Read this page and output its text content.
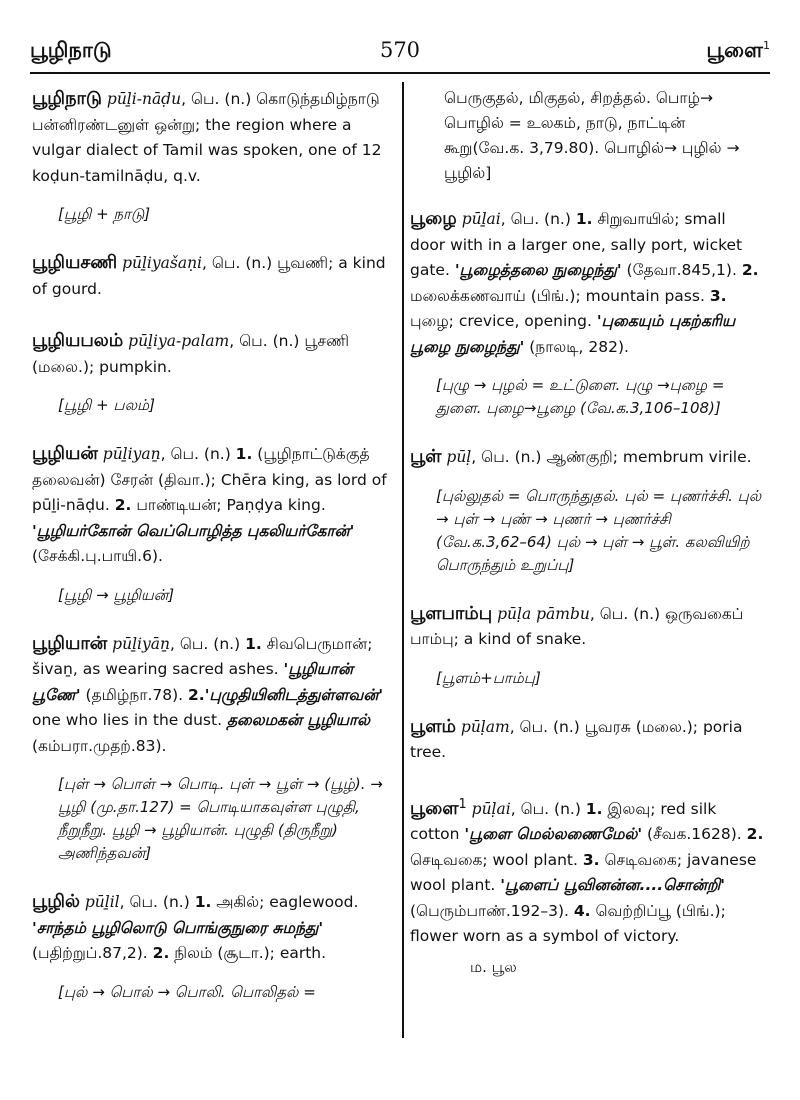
பூழிநாடு	570	பூளை$^1$
பூழிநாடு pūḻi-nāḍu, பெ. (n.) கொடுந்தமிழ்நாடு பன்னிரண்டனுள் ஒன்று; the region where a vulgar dialect of Tamil was spoken, one of 12 koḍun-tamilnāḍu, q.v.
[பூழி + நாடு]
பூழியசணி pūḻiyašaṇi, பெ. (n.) பூவணி; a kind of gourd.
பூழியபலம் pūḻiya-palam, பெ. (n.) பூசணி (மலை.); pumpkin.
[பூழி + பலம்]
பூழியன் pūḻiyaṉ, பெ. (n.) 1. (பூழிநாட்டுக்குத் தலைவன்) சேரன் (திவா.); Chēra king, as lord of pūḻi-nāḍu. 2. பாண்டியன்; Paṇḍya king. 'பூழியர்கோன் வெப்பொழித்த புகலியர்கோன்' (சேக்கி.பு.பாயி.6).
[பூழி → பூழியன்]
பூழியான் pūḻiyāṉ, பெ. (n.) 1. சிவபெருமான்; šivaṉ, as wearing sacred ashes. 'பூழியான் பூணே' (தமிழ்நா.78). 2.'புழுதியினிடத்துள்ளவன்' one who lies in the dust. தலைமகன் பூழியால் (கம்பரா.முதற்.83).
[புள் → பொள் → பொடி. புள் → பூள் → (பூழ்). → பூழி (மு.தா.127) = பொடியாகவுள்ள புழுதி, நீறுநீறு. பூழி → பூழியான். புழுதி (திருநீறு) அணிந்தவன்]
பூழில் pūḻil, பெ. (n.) 1. அகில்; eaglewood. 'சாந்தம் பூழிலொடு பொங்குநுரை சுமந்து' (பதிற்றுப்.87,2). 2. நிலம் (சூடா.); earth.
[புல் → பொல் → பொலி. பொலிதல் =
பெருகுதல், மிகுதல், சிறத்தல். பொழ்→ பொழில் = உலகம், நாடு, நாட்டின் கூறு(வே.க. 3,79.80). பொழில்→ புழில் → பூழில்]
பூழை pūḻai, பெ. (n.) 1. சிறுவாயில்; small door with in a larger one, sally port, wicket gate. 'பூழைத்தலை நுழைந்து' (தேவா.845,1). 2. மலைக்கணவாய் (பிங்.); mountain pass. 3. புழை; crevice, opening. 'புகையும் புகற்கரிய பூழை நுழைந்து' (நாலடி, 282).
[புழு → புழல் = உட்டுளை. புழு →புழை = துளை. புழை→பூழை (வே.க.3,106–108)]
பூள் pūḷ, பெ. (n.) ஆண்குறி; membrum virile.
[புல்லுதல் = பொருந்துதல். புல் = புணர்ச்சி. புல் → புள் → புண் → புணர் → புணர்ச்சி (வே.க.3,62–64) புல் → புள் → பூள். கலவியிற் பொருந்தும் உறுப்பு]
பூளபாம்பு pūḷa pāmbu, பெ. (n.) ஒருவகைப் பாம்பு; a kind of snake.
[பூளம்+பாம்பு]
பூளம் pūḷam, பெ. (n.) பூவரசு (மலை.); poria tree.
பூளை$^1$ pūḷai, பெ. (n.) 1. இலவு; red silk cotton 'பூளை மெல்லணைமேல்' (சீவக.1628). 2. செடிவகை; wool plant. 3. செடிவகை; javanese wool plant. 'பூளைப் பூவினன்ன....சொன்றி' (பெரும்பாண்.192–3). 4. வெற்றிப்பூ (பிங்.); flower worn as a symbol of victory.
ம. பூல
